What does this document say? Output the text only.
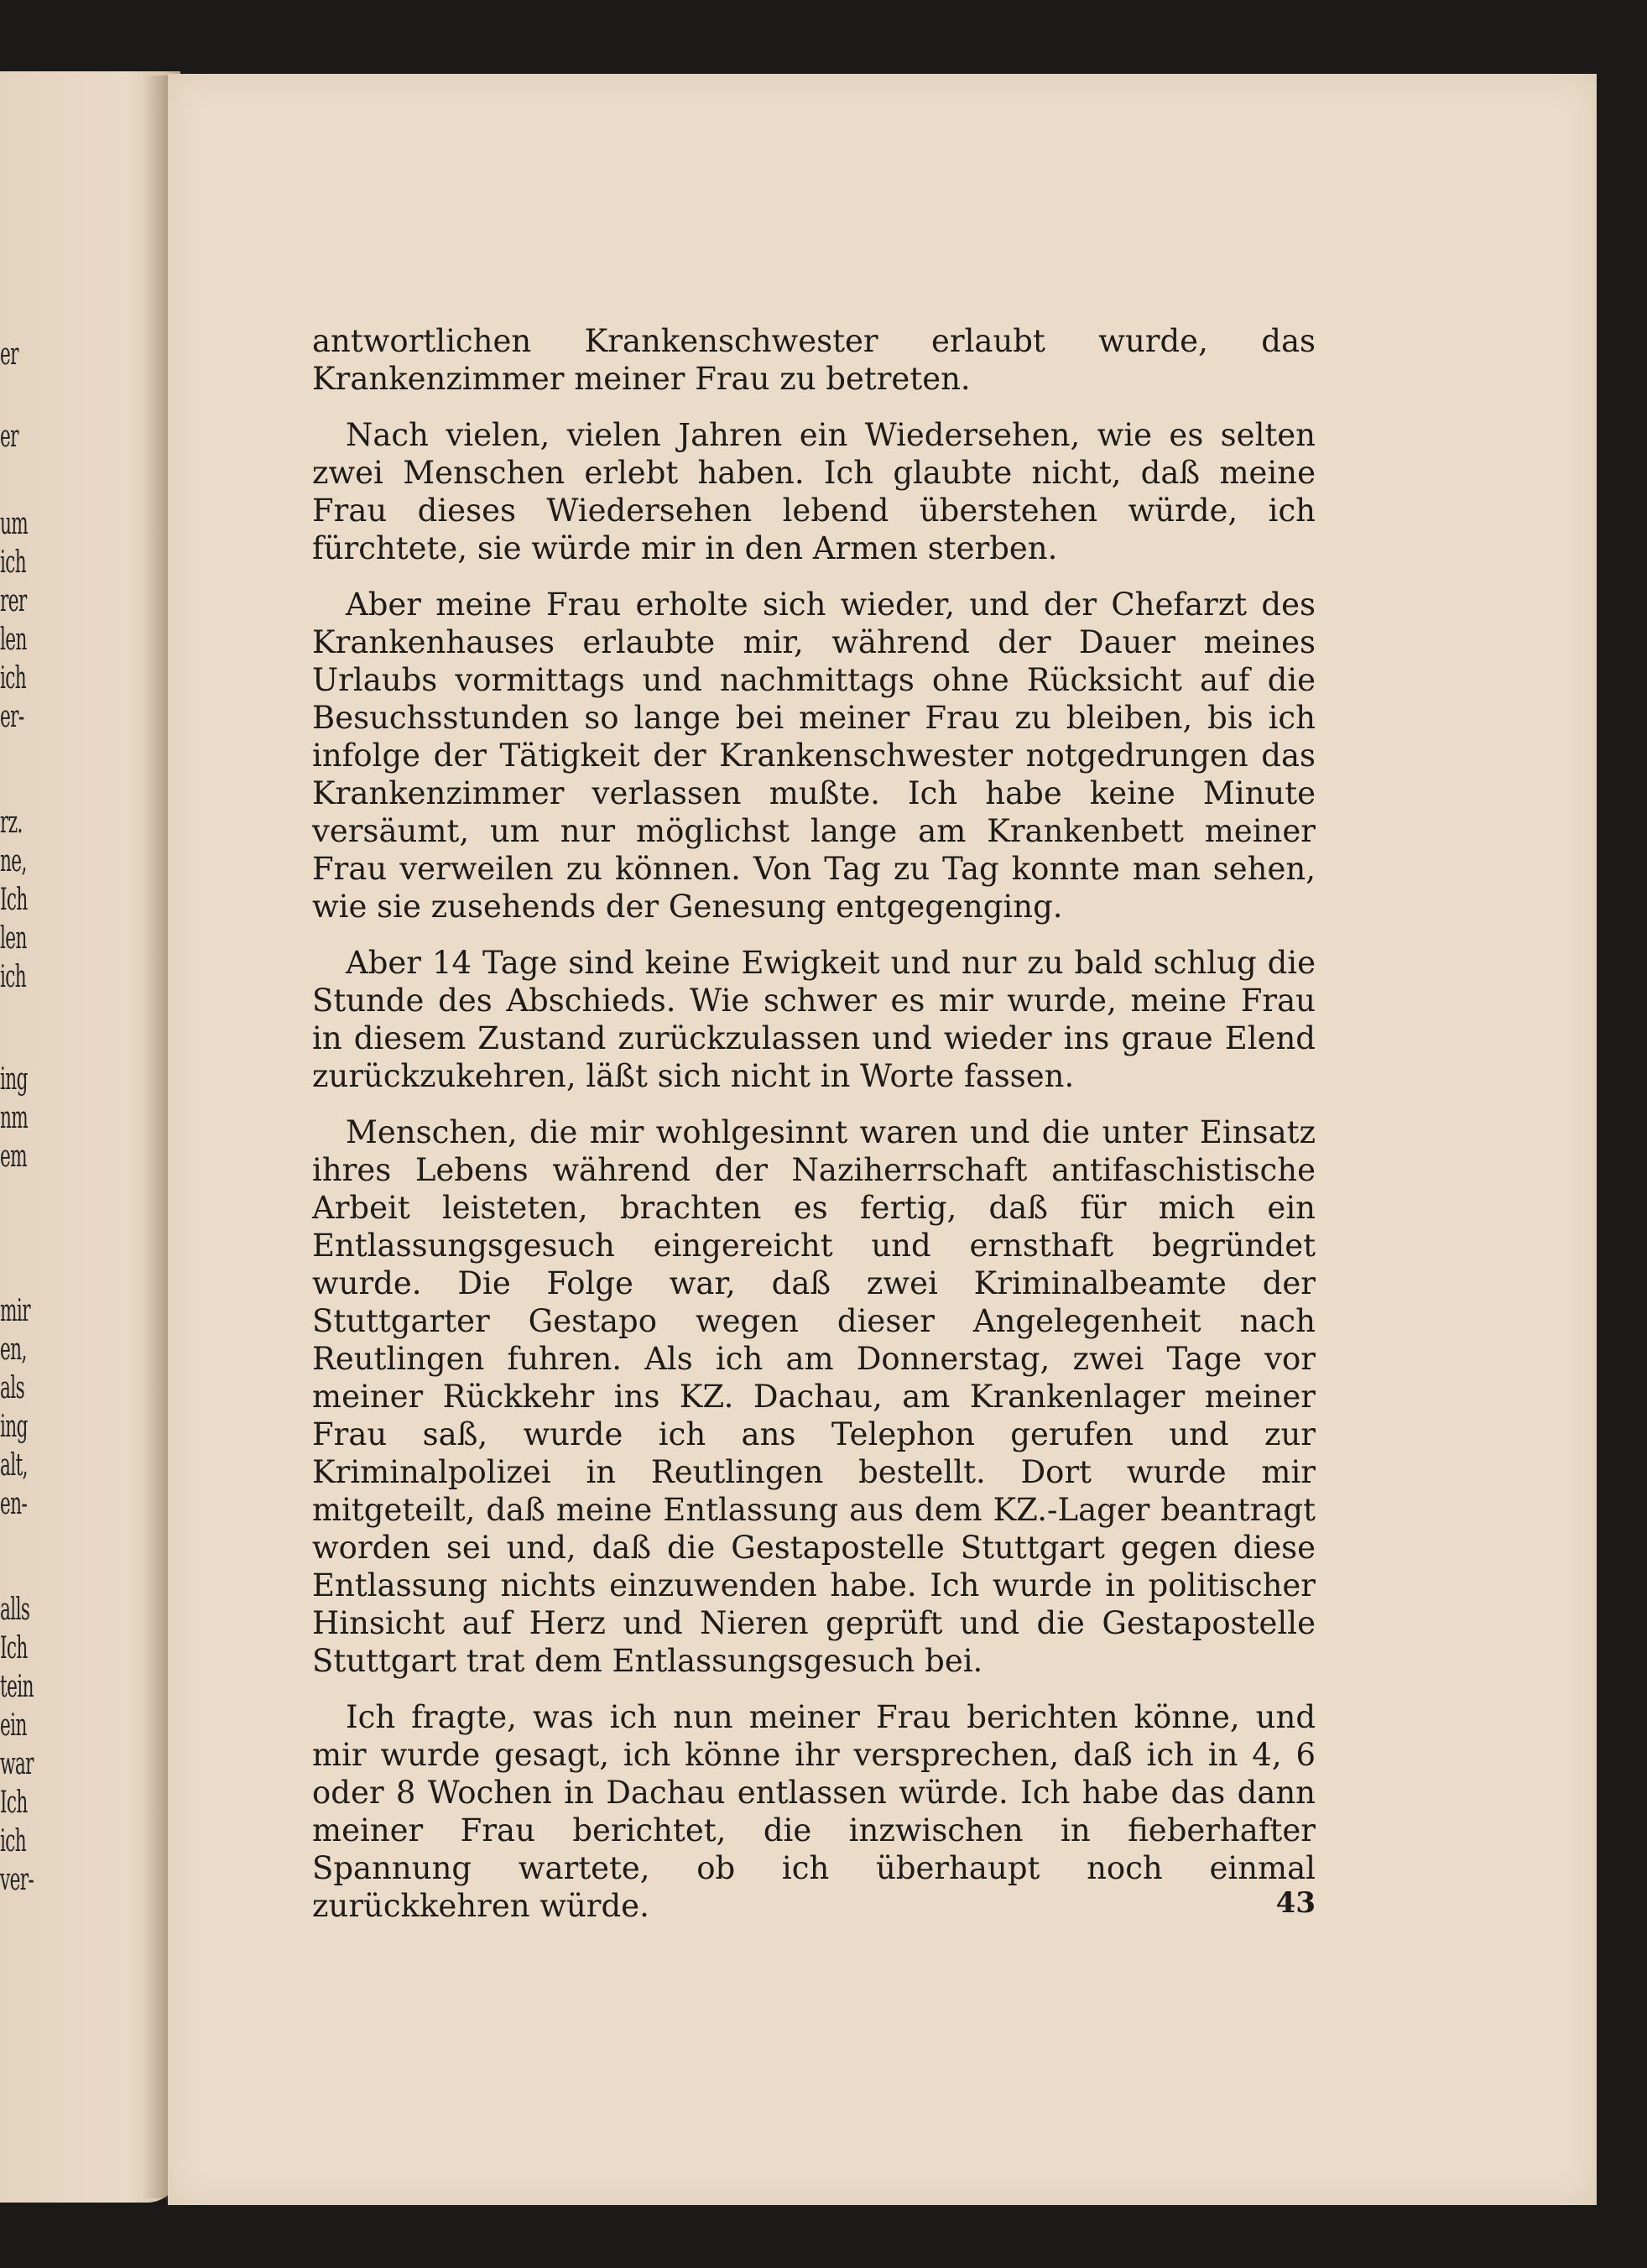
er
er
um
ich
rer
len
ich
er-
rz.
ne,
Ich
len
ich
ing
nm
em
mir
en,
als
ing
alt,
en-
alls
Ich
tein
ein
war
Ich
ich
ver-

antwortlichen Krankenschwester erlaubt wurde, das Krankenzimmer meiner Frau zu betreten.

Nach vielen, vielen Jahren ein Wiedersehen, wie es selten zwei Menschen erlebt haben. Ich glaubte nicht, daß meine Frau dieses Wiedersehen lebend überstehen würde, ich fürchtete, sie würde mir in den Armen sterben.

Aber meine Frau erholte sich wieder, und der Chefarzt des Krankenhauses erlaubte mir, während der Dauer meines Urlaubs vormittags und nachmittags ohne Rücksicht auf die Besuchsstunden so lange bei meiner Frau zu bleiben, bis ich infolge der Tätigkeit der Krankenschwester notgedrungen das Krankenzimmer verlassen mußte. Ich habe keine Minute versäumt, um nur möglichst lange am Krankenbett meiner Frau verweilen zu können. Von Tag zu Tag konnte man sehen, wie sie zusehends der Genesung entgegenging.

Aber 14 Tage sind keine Ewigkeit und nur zu bald schlug die Stunde des Abschieds. Wie schwer es mir wurde, meine Frau in diesem Zustand zurückzulassen und wieder ins graue Elend zurückzukehren, läßt sich nicht in Worte fassen.

Menschen, die mir wohlgesinnt waren und die unter Einsatz ihres Lebens während der Naziherrschaft antifaschistische Arbeit leisteten, brachten es fertig, daß für mich ein Entlassungsgesuch eingereicht und ernsthaft begründet wurde. Die Folge war, daß zwei Kriminalbeamte der Stuttgarter Gestapo wegen dieser Angelegenheit nach Reutlingen fuhren. Als ich am Donnerstag, zwei Tage vor meiner Rückkehr ins KZ. Dachau, am Krankenlager meiner Frau saß, wurde ich ans Telephon gerufen und zur Kriminalpolizei in Reutlingen bestellt. Dort wurde mir mitgeteilt, daß meine Entlassung aus dem KZ.-Lager beantragt worden sei und, daß die Gestapostelle Stuttgart gegen diese Entlassung nichts einzuwenden habe. Ich wurde in politischer Hinsicht auf Herz und Nieren geprüft und die Gestapostelle Stuttgart trat dem Entlassungsgesuch bei.

Ich fragte, was ich nun meiner Frau berichten könne, und mir wurde gesagt, ich könne ihr versprechen, daß ich in 4, 6 oder 8 Wochen in Dachau entlassen würde. Ich habe das dann meiner Frau berichtet, die inzwischen in fieberhafter Spannung wartete, ob ich überhaupt noch einmal zurückkehren würde.	43
